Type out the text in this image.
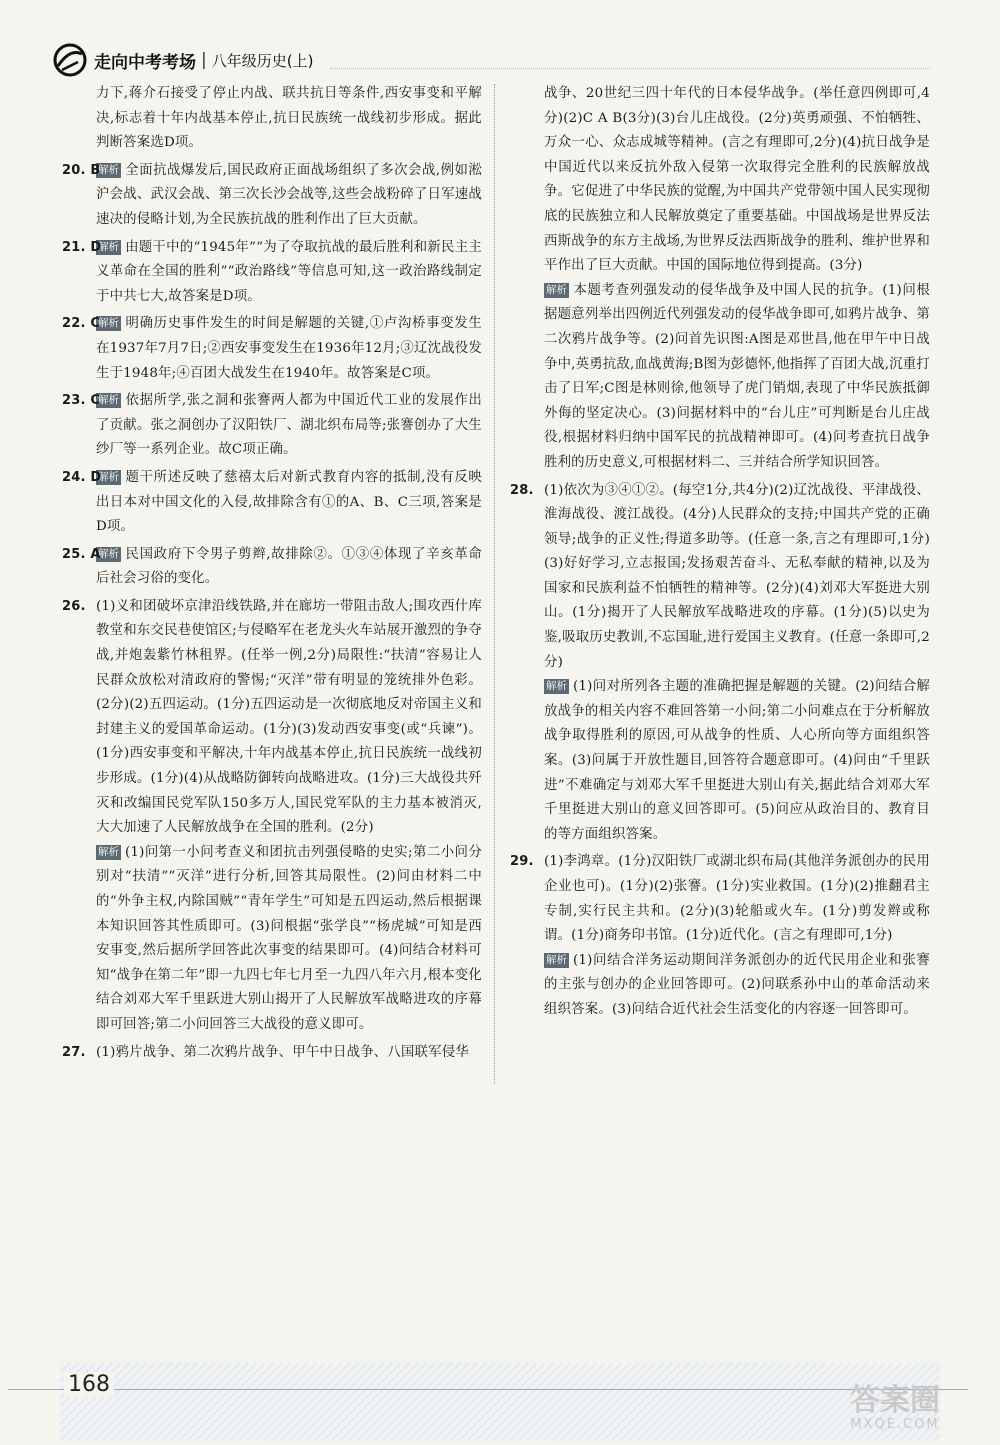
走向中考考场 | 八年级历史(上)
力下,蒋介石接受了停止内战、联共抗日等条件,西安事变和平解决,标志着十年内战基本停止,抗日民族统一战线初步形成。据此判断答案选D项。
20. B
解析 全面抗战爆发后,国民政府正面战场组织了多次会战,例如淞沪会战、武汉会战、第三次长沙会战等,这些会战粉碎了日军速战速决的侵略计划,为全民族抗战的胜利作出了巨大贡献。
21. D
解析 由题干中的“1945年”“为了夺取抗战的最后胜利和新民主主义革命在全国的胜利”“政治路线”等信息可知,这一政治路线制定于中共七大,故答案是D项。
22. C
解析 明确历史事件发生的时间是解题的关键,①卢沟桥事变发生在1937年7月7日;②西安事变发生在1936年12月;③辽沈战役发生于1948年;④百团大战发生在1940年。故答案是C项。
23. C
解析 依据所学,张之洞和张謇两人都为中国近代工业的发展作出了贡献。张之洞创办了汉阳铁厂、湖北织布局等;张謇创办了大生纱厂等一系列企业。故C项正确。
24. D
解析 题干所述反映了慈禧太后对新式教育内容的抵制,没有反映出日本对中国文化的入侵,故排除含有①的A、B、C三项,答案是D项。
25. A
解析 民国政府下令男子剪辫,故排除②。①③④体现了辛亥革命后社会习俗的变化。
26. (1)义和团破坏京津沿线铁路,并在廊坊一带阻击敌人;围攻西什库教堂和东交民巷使馆区;与侵略军在老龙头火车站展开激烈的争夺战,并炮轰紫竹林租界。(任举一例,2分)局限性:“扶清”容易让人民群众放松对清政府的警惕;“灭洋”带有明显的笼统排外色彩。(2分)(2)五四运动。(1分)五四运动是一次彻底地反对帝国主义和封建主义的爱国革命运动。(1分)(3)发动西安事变(或“兵谏”)。(1分)西安事变和平解决,十年内战基本停止,抗日民族统一战线初步形成。(1分)(4)从战略防御转向战略进攻。(1分)三大战役共歼灭和改编国民党军队150多万人,国民党军队的主力基本被消灭,大大加速了人民解放战争在全国的胜利。(2分)
解析 (1)问第一小问考查义和团抗击列强侵略的史实;第二小问分别对“扶清”“灭洋”进行分析,回答其局限性。(2)问由材料二中的“外争主权,内除国贼”“青年学生”可知是五四运动,然后根据课本知识回答其性质即可。(3)问根据“张学良”“杨虎城”可知是西安事变,然后据所学回答此次事变的结果即可。(4)问结合材料可知“战争在第二年”即一九四七年七月至一九四八年六月,根本变化结合刘邓大军千里跃进大别山揭开了人民解放军战略进攻的序幕即可回答;第二小问回答三大战役的意义即可。
27. (1)鸦片战争、第二次鸦片战争、甲午中日战争、八国联军侵华
战争、20世纪三四十年代的日本侵华战争。(举任意四例即可,4分)(2)C A B(3分)(3)台儿庄战役。(2分)英勇顽强、不怕牺牲、万众一心、众志成城等精神。(言之有理即可,2分)(4)抗日战争是中国近代以来反抗外敌入侵第一次取得完全胜利的民族解放战争。它促进了中华民族的觉醒,为中国共产党带领中国人民实现彻底的民族独立和人民解放奠定了重要基础。中国战场是世界反法西斯战争的东方主战场,为世界反法西斯战争的胜利、维护世界和平作出了巨大贡献。中国的国际地位得到提高。(3分)
解析 本题考查列强发动的侵华战争及中国人民的抗争。(1)问根据题意列举出四例近代列强发动的侵华战争即可,如鸦片战争、第二次鸦片战争等。(2)问首先识图:A图是邓世昌,他在甲午中日战争中,英勇抗敌,血战黄海;B图为彭德怀,他指挥了百团大战,沉重打击了日军;C图是林则徐,他领导了虎门销烟,表现了中华民族抵御外侮的坚定决心。(3)问据材料中的“台儿庄”可判断是台儿庄战役,根据材料归纳中国军民的抗战精神即可。(4)问考查抗日战争胜利的历史意义,可根据材料二、三并结合所学知识回答。
28. (1)依次为③④①②。(每空1分,共4分)(2)辽沈战役、平津战役、淮海战役、渡江战役。(4分)人民群众的支持;中国共产党的正确领导;战争的正义性;得道多助等。(任意一条,言之有理即可,1分)(3)好好学习,立志报国;发扬艰苦奋斗、无私奉献的精神,以及为国家和民族利益不怕牺牲的精神等。(2分)(4)刘邓大军挺进大别山。(1分)揭开了人民解放军战略进攻的序幕。(1分)(5)以史为鉴,吸取历史教训,不忘国耻,进行爱国主义教育。(任意一条即可,2分)
解析 (1)问对所列各主题的准确把握是解题的关键。(2)问结合解放战争的相关内容不难回答第一小问;第二小问难点在于分析解放战争取得胜利的原因,可从战争的性质、人心所向等方面组织答案。(3)问属于开放性题目,回答符合题意即可。(4)问由“千里跃进”不难确定与刘邓大军千里挺进大别山有关,据此结合刘邓大军千里挺进大别山的意义回答即可。(5)问应从政治目的、教育目的等方面组织答案。
29. (1)李鸿章。(1分)汉阳铁厂或湖北织布局(其他洋务派创办的民用企业也可)。(1分)(2)张謇。(1分)实业救国。(1分)(2)推翻君主专制,实行民主共和。(2分)(3)轮船或火车。(1分)剪发辫或称谓。(1分)商务印书馆。(1分)近代化。(言之有理即可,1分)
解析 (1)问结合洋务运动期间洋务派创办的近代民用企业和张謇的主张与创办的企业回答即可。(2)问联系孙中山的革命活动来组织答案。(3)问结合近代社会生活变化的内容逐一回答即可。
168	答案圈
MXQE.COM
